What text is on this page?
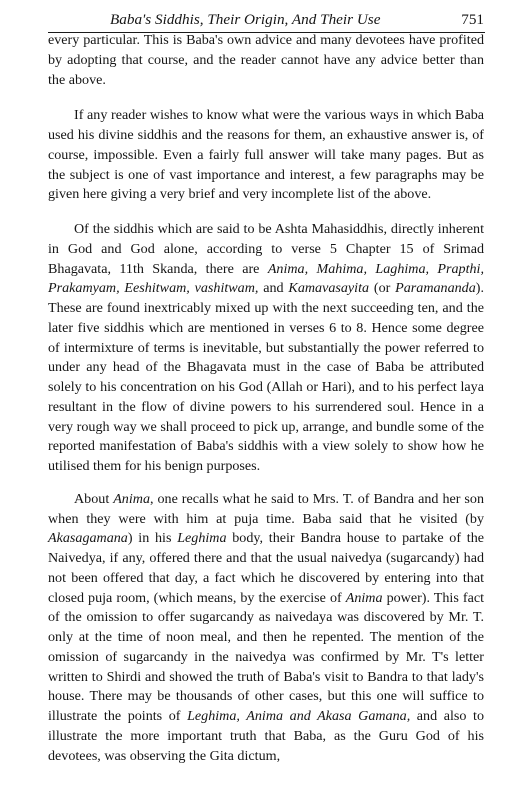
Baba's Siddhis, Their Origin, And Their Use	751

every particular. This is Baba's own advice and many devotees have profited by adopting that course, and the reader cannot have any advice better than the above.

If any reader wishes to know what were the various ways in which Baba used his divine siddhis and the reasons for them, an exhaustive answer is, of course, impossible. Even a fairly full answer will take many pages. But as the subject is one of vast importance and interest, a few paragraphs may be given here giving a very brief and very incomplete list of the above.

Of the siddhis which are said to be Ashta Mahasiddhis, directly inherent in God and God alone, according to verse 5 Chapter 15 of Srimad Bhagavata, 11th Skanda, there are Anima, Mahima, Laghima, Prapthi, Prakamyam, Eeshitwam, vashitwam, and Kamavasayita (or Paramananda). These are found inextricably mixed up with the next succeeding ten, and the later five siddhis which are mentioned in verses 6 to 8. Hence some degree of intermixture of terms is inevitable, but substantially the power referred to under any head of the Bhagavata must in the case of Baba be attributed solely to his concentration on his God (Allah or Hari), and to his perfect laya resultant in the flow of divine powers to his surrendered soul. Hence in a very rough way we shall proceed to pick up, arrange, and bundle some of the reported manifestation of Baba's siddhis with a view solely to show how he utilised them for his benign purposes.

About Anima, one recalls what he said to Mrs. T. of Bandra and her son when they were with him at puja time. Baba said that he visited (by Akasagamana) in his Leghima body, their Bandra house to partake of the Naivedya, if any, offered there and that the usual naivedya (sugarcandy) had not been offered that day, a fact which he discovered by entering into that closed puja room, (which means, by the exercise of Anima power). This fact of the omission to offer sugarcandy as naivedaya was discovered by Mr. T. only at the time of noon meal, and then he repented. The mention of the omission of sugarcandy in the naivedya was confirmed by Mr. T's letter written to Shirdi and showed the truth of Baba's visit to Bandra to that lady's house. There may be thousands of other cases, but this one will suffice to illustrate the points of Leghima, Anima and Akasa Gamana, and also to illustrate the more important truth that Baba, as the Guru God of his devotees, was observing the Gita dictum,
